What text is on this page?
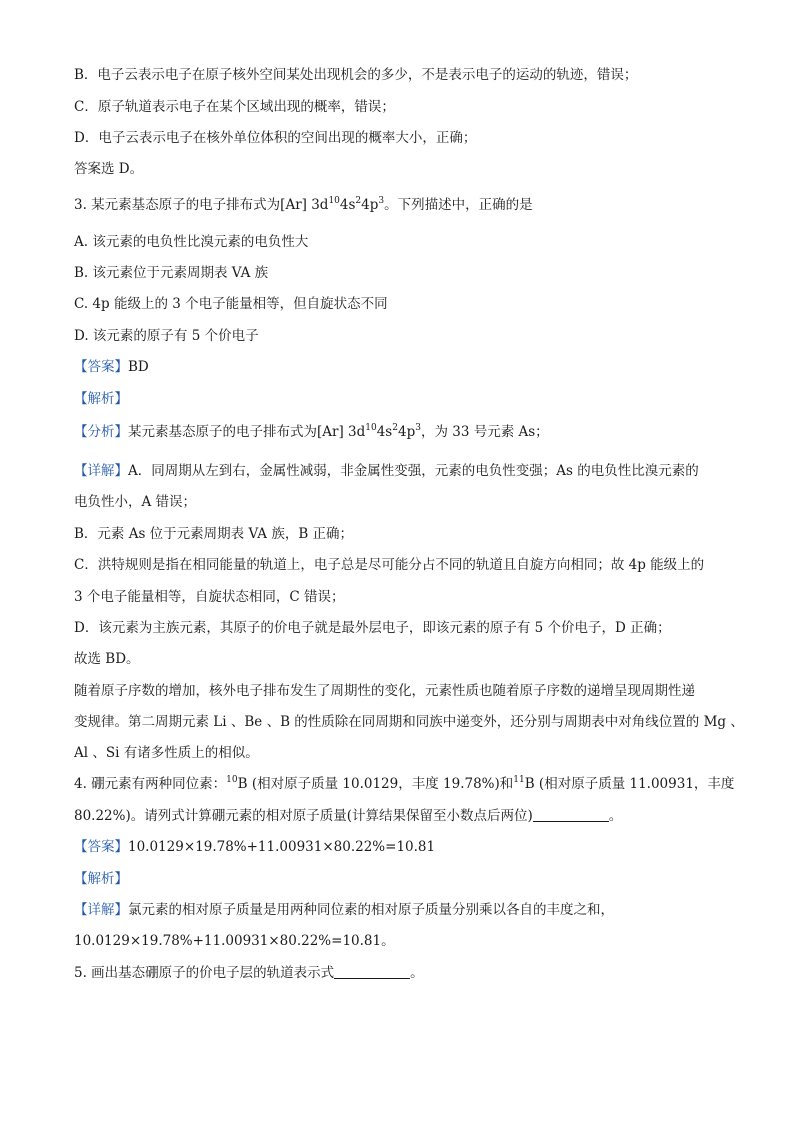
B．电子云表示电子在原子核外空间某处出现机会的多少，不是表示电子的运动的轨迹，错误；
C．原子轨道表示电子在某个区域出现的概率，错误；
D．电子云表示电子在核外单位体积的空间出现的概率大小，正确；
答案选 D。
3. 某元素基态原子的电子排布式为[Ar] $3d^{10}4s^24p^3$。下列描述中，正确的是
A. 该元素的电负性比溴元素的电负性大
B. 该元素位于元素周期表 VA 族
C. 4p 能级上的 3 个电子能量相等，但自旋状态不同
D. 该元素的原子有 5 个价电子
【答案】BD
【解析】
【分析】某元素基态原子的电子排布式为[Ar] $3d^{10}4s^24p^3$，为 33 号元素 As；
【详解】A．同周期从左到右，金属性减弱，非金属性变强，元素的电负性变强；As 的电负性比溴元素的
电负性小，A 错误；
B．元素 As 位于元素周期表 VA 族，B 正确；
C．洪特规则是指在相同能量的轨道上，电子总是尽可能分占不同的轨道且自旋方向相同；故 4p 能级上的
3 个电子能量相等，自旋状态相同，C 错误；
D．该元素为主族元素，其原子的价电子就是最外层电子，即该元素的原子有 5 个价电子，D 正确；
故选 BD。
随着原子序数的增加，核外电子排布发生了周期性的变化，元素性质也随着原子序数的递增呈现周期性递
变规律。第二周期元素 Li 、Be 、B 的性质除在同周期和同族中递变外，还分别与周期表中对角线位置的 Mg 、
Al 、Si 有诸多性质上的相似。
4. 硼元素有两种同位素：$^{10}$B (相对原子质量 10.0129，丰度 19.78%)和$^{11}$B (相对原子质量 11.00931，丰度
80.22%)。请列式计算硼元素的相对原子质量(计算结果保留至小数点后两位)	。
【答案】10.0129×19.78%+11.00931×80.22%=10.81
【解析】
【详解】氯元素的相对原子质量是用两种同位素的相对原子质量分别乘以各自的丰度之和，
10.0129×19.78%+11.00931×80.22%=10.81。
5. 画出基态硼原子的价电子层的轨道表示式	。
